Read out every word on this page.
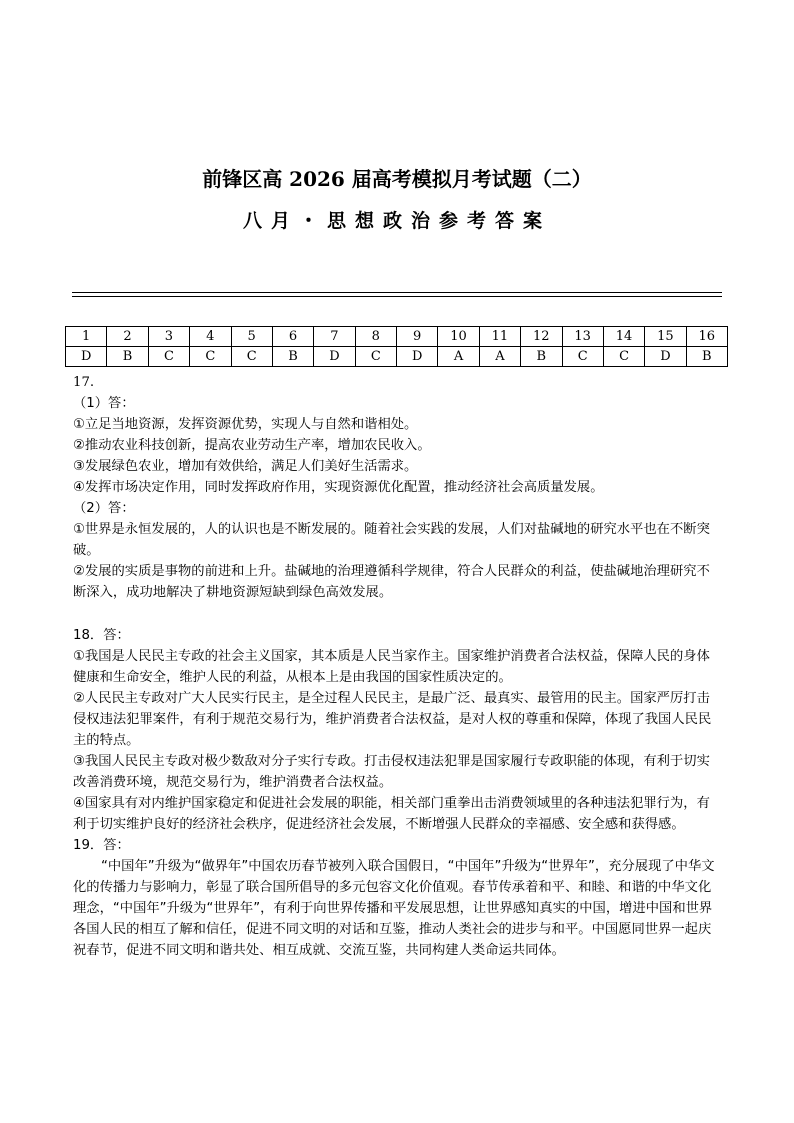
前锋区高 2026 届高考模拟月考试题（二）
八月・思想政治参考答案
1	2	3	4	5	6	7	8	9	10	11	12	13	14	15	16
D	B	C	C	C	B	D	C	D	A	A	B	C	C	D	B

17.

（1）答：

①立足当地资源，发挥资源优势，实现人与自然和谐相处。

②推动农业科技创新，提高农业劳动生产率，增加农民收入。

③发展绿色农业，增加有效供给，满足人们美好生活需求。

④发挥市场决定作用，同时发挥政府作用，实现资源优化配置，推动经济社会高质量发展。

（2）答：

①世界是永恒发展的，人的认识也是不断发展的。随着社会实践的发展，人们对盐碱地的研究水平也在不断突破。

②发展的实质是事物的前进和上升。盐碱地的治理遵循科学规律，符合人民群众的利益，使盐碱地治理研究不断深入，成功地解决了耕地资源短缺到绿色高效发展。

18．答：

①我国是人民民主专政的社会主义国家，其本质是人民当家作主。国家维护消费者合法权益，保障人民的身体健康和生命安全，维护人民的利益，从根本上是由我国的国家性质决定的。

②人民民主专政对广大人民实行民主，是全过程人民民主，是最广泛、最真实、最管用的民主。国家严厉打击侵权违法犯罪案件，有利于规范交易行为，维护消费者合法权益，是对人权的尊重和保障，体现了我国人民民主的特点。

③我国人民民主专政对极少数敌对分子实行专政。打击侵权违法犯罪是国家履行专政职能的体现，有利于切实改善消费环境，规范交易行为，维护消费者合法权益。

④国家具有对内维护国家稳定和促进社会发展的职能，相关部门重拳出击消费领域里的各种违法犯罪行为，有利于切实维护良好的经济社会秩序，促进经济社会发展，不断增强人民群众的幸福感、安全感和获得感。

19．答：

“中国年”升级为“做界年”中国农历春节被列入联合国假日，“中国年”升级为“世界年”，充分展现了中华文化的传播力与影响力，彰显了联合国所倡导的多元包容文化价值观。春节传承着和平、和睦、和谐的中华文化理念，“中国年”升级为“世界年”，有利于向世界传播和平发展思想，让世界感知真实的中国，增进中国和世界各国人民的相互了解和信任，促进不同文明的对话和互鉴，推动人类社会的进步与和平。中国愿同世界一起庆祝春节，促进不同文明和谐共处、相互成就、交流互鉴，共同构建人类命运共同体。
